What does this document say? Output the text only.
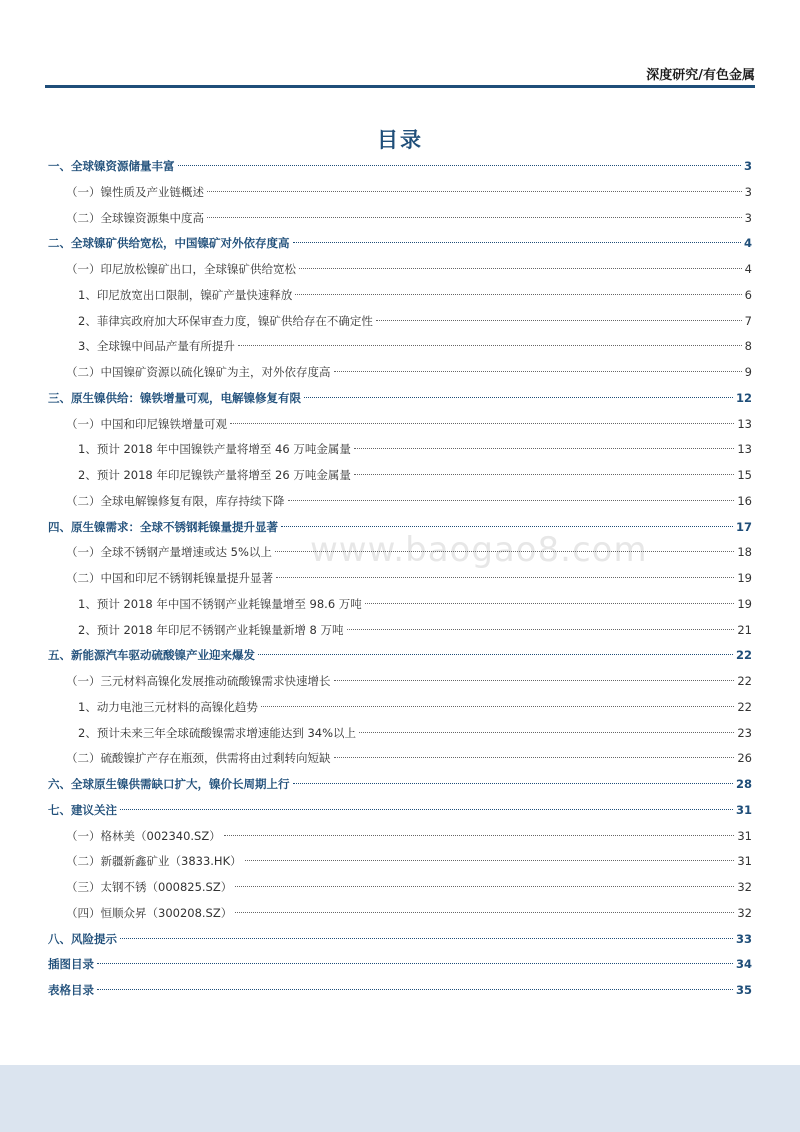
深度研究/有色金属
目录
www.baogao8.com
一、全球镍资源储量丰富	3
（一）镍性质及产业链概述	3
（二）全球镍资源集中度高	3
二、全球镍矿供给宽松，中国镍矿对外依存度高	4
（一）印尼放松镍矿出口，全球镍矿供给宽松	4
1、印尼放宽出口限制，镍矿产量快速释放	6
2、菲律宾政府加大环保审查力度，镍矿供给存在不确定性	7
3、全球镍中间品产量有所提升	8
（二）中国镍矿资源以硫化镍矿为主，对外依存度高	9
三、原生镍供给：镍铁增量可观，电解镍修复有限	12
（一）中国和印尼镍铁增量可观	13
1、预计 2018 年中国镍铁产量将增至 46 万吨金属量	13
2、预计 2018 年印尼镍铁产量将增至 26 万吨金属量	15
（二）全球电解镍修复有限，库存持续下降	16
四、原生镍需求：全球不锈钢耗镍量提升显著	17
（一）全球不锈钢产量增速或达 5%以上	18
（二）中国和印尼不锈钢耗镍量提升显著	19
1、预计 2018 年中国不锈钢产业耗镍量增至 98.6 万吨	19
2、预计 2018 年印尼不锈钢产业耗镍量新增 8 万吨	21
五、新能源汽车驱动硫酸镍产业迎来爆发	22
（一）三元材料高镍化发展推动硫酸镍需求快速增长	22
1、动力电池三元材料的高镍化趋势	22
2、预计未来三年全球硫酸镍需求增速能达到 34%以上	23
（二）硫酸镍扩产存在瓶颈，供需将由过剩转向短缺	26
六、全球原生镍供需缺口扩大，镍价长周期上行	28
七、建议关注	31
（一）格林美（002340.SZ）	31
（二）新疆新鑫矿业（3833.HK）	31
（三）太钢不锈（000825.SZ）	32
（四）恒顺众昇（300208.SZ）	32
八、风险提示	33
插图目录	34
表格目录	35
